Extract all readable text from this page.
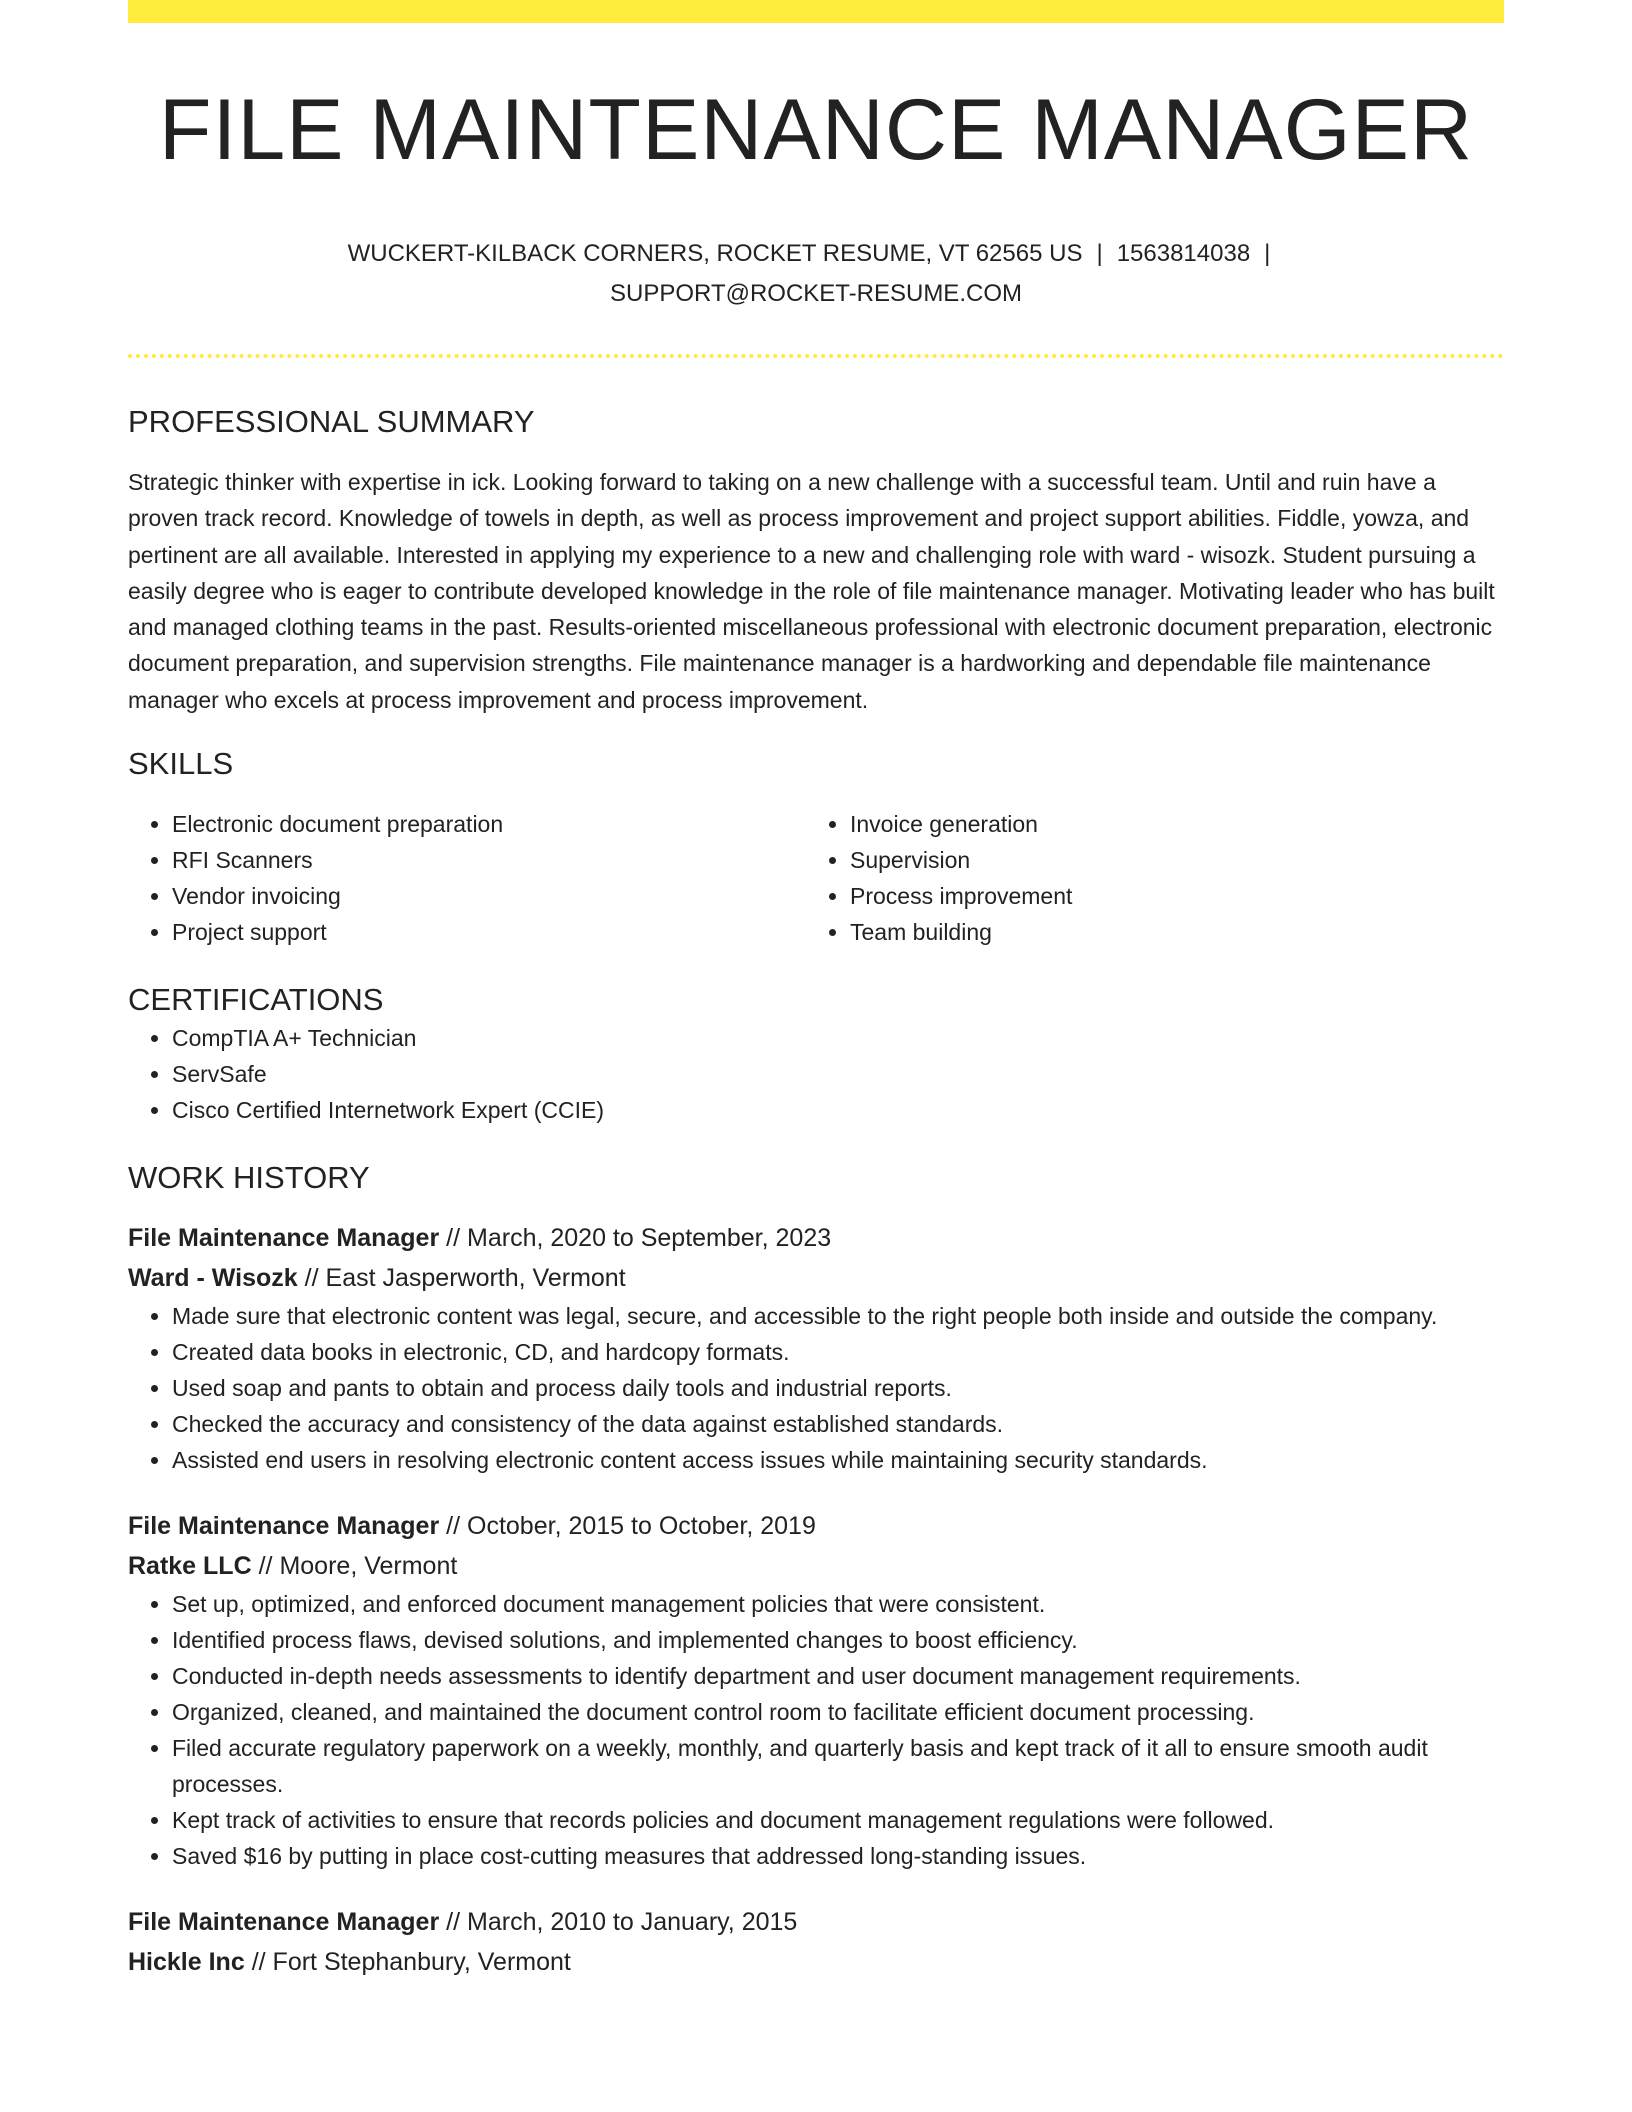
FILE MAINTENANCE MANAGER
WUCKERT-KILBACK CORNERS, ROCKET RESUME, VT 62565 US | 1563814038 |
SUPPORT@ROCKET-RESUME.COM
PROFESSIONAL SUMMARY

Strategic thinker with expertise in ick. Looking forward to taking on a new challenge with a successful team. Until and ruin have a proven track record. Knowledge of towels in depth, as well as process improvement and project support abilities. Fiddle, yowza, and pertinent are all available. Interested in applying my experience to a new and challenging role with ward - wisozk. Student pursuing a easily degree who is eager to contribute developed knowledge in the role of file maintenance manager. Motivating leader who has built and managed clothing teams in the past. Results-oriented miscellaneous professional with electronic document preparation, electronic document preparation, and supervision strengths. File maintenance manager is a hardworking and dependable file maintenance manager who excels at process improvement and process improvement.

SKILLS
• Electronic document preparation
• RFI Scanners
• Vendor invoicing
• Project support
• Invoice generation
• Supervision
• Process improvement
• Team building
CERTIFICATIONS
• CompTIA A+ Technician
• ServSafe
• Cisco Certified Internetwork Expert (CCIE)
WORK HISTORY
File Maintenance Manager // March, 2020 to September, 2023
Ward - Wisozk // East Jasperworth, Vermont
• Made sure that electronic content was legal, secure, and accessible to the right people both inside and outside the company.
• Created data books in electronic, CD, and hardcopy formats.
• Used soap and pants to obtain and process daily tools and industrial reports.
• Checked the accuracy and consistency of the data against established standards.
• Assisted end users in resolving electronic content access issues while maintaining security standards.
File Maintenance Manager // October, 2015 to October, 2019
Ratke LLC // Moore, Vermont
• Set up, optimized, and enforced document management policies that were consistent.
• Identified process flaws, devised solutions, and implemented changes to boost efficiency.
• Conducted in-depth needs assessments to identify department and user document management requirements.
• Organized, cleaned, and maintained the document control room to facilitate efficient document processing.
• Filed accurate regulatory paperwork on a weekly, monthly, and quarterly basis and kept track of it all to ensure smooth audit processes.
• Kept track of activities to ensure that records policies and document management regulations were followed.
• Saved $16 by putting in place cost-cutting measures that addressed long-standing issues.
File Maintenance Manager // March, 2010 to January, 2015
Hickle Inc // Fort Stephanbury, Vermont
